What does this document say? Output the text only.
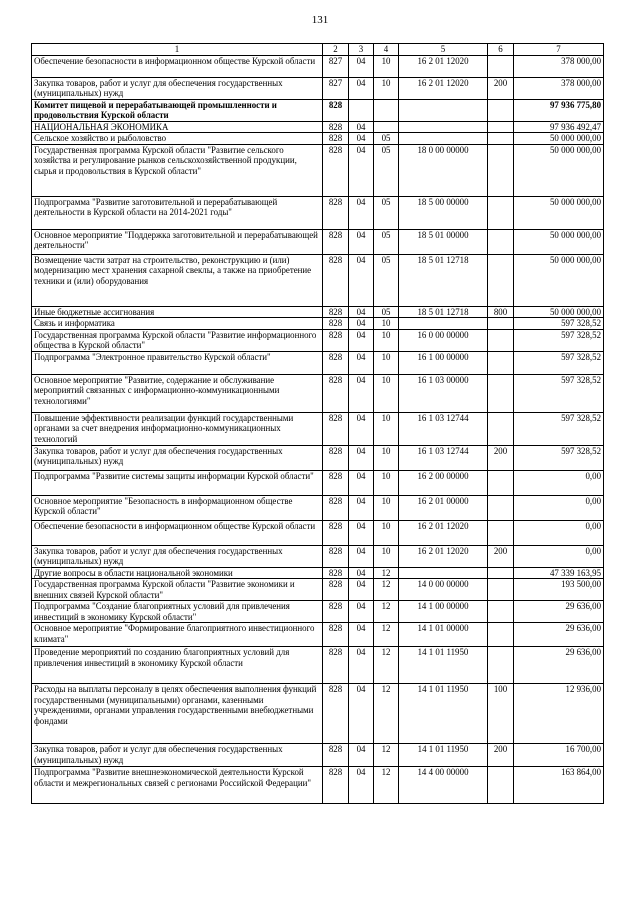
131
1	2	3	4	5	6	7
Обеспечение безопасности в информационном обществе Курской области	827	04	10	16 2 01 12020		378 000,00
Закупка товаров, работ и услуг для обеспечения государственных (муниципальных) нужд	827	04	10	16 2 01 12020	200	378 000,00
Комитет пищевой и перерабатывающей промышленности и продовольствия Курской области	828					97 936 775,80
НАЦИОНАЛЬНАЯ ЭКОНОМИКА	828	04				97 936 492,47
Сельское хозяйство и рыболовство	828	04	05			50 000 000,00
Государственная программа Курской области "Развитие сельского хозяйства и регулирование рынков сельскохозяйственной продукции, сырья и продовольствия в Курской области"	828	04	05	18 0 00 00000		50 000 000,00
Подпрограмма "Развитие заготовительной и перерабатывающей деятельности в Курской области на 2014-2021 годы"	828	04	05	18 5 00 00000		50 000 000,00
Основное мероприятие "Поддержка заготовительной и перерабатывающей деятельности"	828	04	05	18 5 01 00000		50 000 000,00
Возмещение части затрат на строительство, реконструкцию и (или) модернизацию мест хранения сахарной свеклы, а также на приобретение техники и (или) оборудования	828	04	05	18 5 01 12718		50 000 000,00
Иные бюджетные ассигнования	828	04	05	18 5 01 12718	800	50 000 000,00
Связь и информатика	828	04	10			597 328,52
Государственная программа Курской области "Развитие информационного общества в Курской области"	828	04	10	16 0 00 00000		597 328,52
Подпрограмма "Электронное правительство Курской области"	828	04	10	16 1 00 00000		597 328,52
Основное мероприятие "Развитие, содержание и обслуживание мероприятий связанных с информационно-коммуникационными технологиями"	828	04	10	16 1 03 00000		597 328,52
Повышение эффективности реализации функций государственными органами за счет внедрения информационно-коммуникационных технологий	828	04	10	16 1 03 12744		597 328,52
Закупка товаров, работ и услуг для обеспечения государственных (муниципальных) нужд	828	04	10	16 1 03 12744	200	597 328,52
Подпрограмма "Развитие системы защиты информации Курской области"	828	04	10	16 2 00 00000		0,00
Основное мероприятие "Безопасность в информационном обществе Курской области"	828	04	10	16 2 01 00000		0,00
Обеспечение безопасности в информационном обществе Курской области	828	04	10	16 2 01 12020		0,00
Закупка товаров, работ и услуг для обеспечения государственных (муниципальных) нужд	828	04	10	16 2 01 12020	200	0,00
Другие вопросы в области национальной экономики	828	04	12			47 339 163,95
Государственная программа Курской области "Развитие экономики и внешних связей Курской области"	828	04	12	14 0 00 00000		193 500,00
Подпрограмма "Создание благоприятных условий для привлечения инвестиций в экономику Курской области"	828	04	12	14 1 00 00000		29 636,00
Основное мероприятие "Формирование благоприятного инвестиционного климата"	828	04	12	14 1 01 00000		29 636,00
Проведение мероприятий по созданию благоприятных условий для привлечения инвестиций в экономику Курской области	828	04	12	14 1 01 11950		29 636,00
Расходы на выплаты персоналу в целях обеспечения выполнения функций государственными (муниципальными) органами, казенными учреждениями, органами управления государственными внебюджетными фондами	828	04	12	14 1 01 11950	100	12 936,00
Закупка товаров, работ и услуг для обеспечения государственных (муниципальных) нужд	828	04	12	14 1 01 11950	200	16 700,00
Подпрограмма "Развитие внешнеэкономической деятельности Курской области и межрегиональных связей с регионами Российской Федерации"	828	04	12	14 4 00 00000		163 864,00
